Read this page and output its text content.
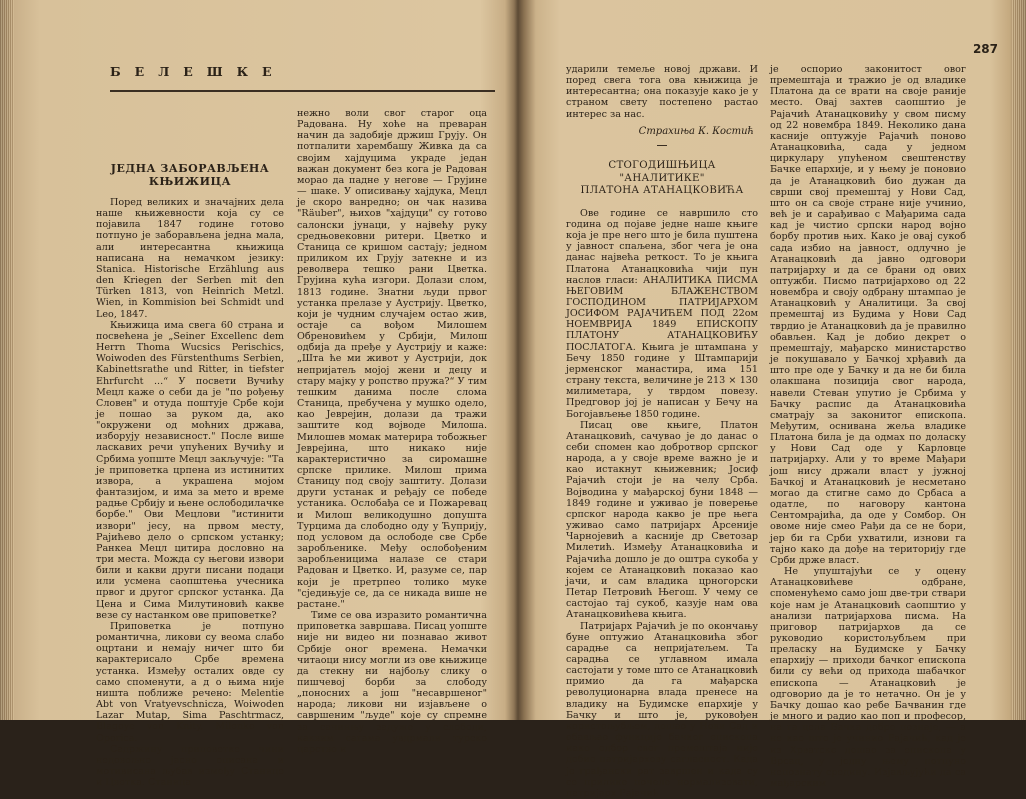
БЕЛЕШКЕ
ЈЕДНА ЗАБОРАВЉЕНА КЊИЖИЦА

Поред великих и значајних дела наше књижевности која су се појавила 1847 године готово потпуно је заборављена једна мала, али интересантна књижица написана на немачком језику: Stanica. Historische Erzählung aus den Kriegen der Serben mit den Türken 1813, von Heinrich Metzl. Wien, in Kommision bei Schmidt und Leo, 1847.

Књижица има свега 60 страна и посвећена је „Seiner Excellenc dem Herrn Thoma Wucsics Perischics, Woiwoden des Fürstenthums Serbien, Kabinettsrathe und Ritter, in tiefster Ehrfurcht ...“ У посвети Вучићу Мецл каже о себи да је "по рођењу Словен" и отуда поштује Србе који је пошао за руком да, ако "окружени од моћних држава, изборују независност." После више ласкавих речи упућених Вучићу и Србима уопште Мецл закључује: "Та је приповетка црпена из истинитих извора, а украшена мојом фантазијом, и има за мето и време радње Србију и њене ослободилачке борбе." Ови Мецлови "истинити извори" јесу, на првом месту, Рајићево дело о српском устанку; Ранкеа Мецл цитира дословно на три места. Можда су његови извори били и какви други писани подаци или усмена саопштења учесника првог и другог српског устанка. Да Цена и Сима Милутиновић какве везе су настанком ове приповетке?

Приповетка је потпуно романтична, ликови су веома слабо оцртани и немају ничег што би карактерисало Србе времена устанка. Између осталих овде су само споменути, а д о њима није ништа поближе речено: Melentie Abt von Vratyevschnicza, Woiwoden Lazar Mutap, Sima Paschtrmacz, Blagoye von Knity, Milenko von Oporica.

Садржину приповетке чини недовољно јасно описана и мотивисана љубав између Станице и Цветка. Станица

нежно воли свог старог оца Радована. Ну хоће на преваран начин да задобије држиш Грују. Он потпалити харембашу Живка да са својим хајдуцима украде један важан документ без кога је Радован морао да падне у негове — Грујине — шаке. У описивању хајдука, Мецл је скоро ванредно; он чак назива "Räuber", њихов "хајдуци" су готово салонски јунаци, у највећу руку средњовековни ритери. Цветко и Станица се кришом састају; једном приликом их Грују затекне и из револвера тешко рани Цветка. Грујина кућа изгори. Долази слом, 1813 године. Знатни људи првог устанка прелазе у Аустрију. Цветко, који је чудним случајем остао жив, остаје са вођом Милошем Обреновићем у Србији, Милош одбија да пређе у Аустрију и каже: „Шта ће ми живот у Аустрији, док непријатељ мојој жени и децу и стару мајку у ропство пружа?“ У тим тешким данима после слома Станица, пребучена у мушко одело, као Јеврејин, долази да тражи заштите код војводе Милоша. Милошев момак материра тобожњег Јеврејина, што никако није карактеристично за сиромашне српске прилике. Милош прима Станицу под своју заштиту. Долази други устанак и ређају се победе устаника. Ослобађа се и Пожаревац и Милош великодушно допушта Турцима да слободно оду у Ћуприју, под условом да ослободе све Србе заробљенике. Међу ослобођеним заробљеницима налазе се стари Радован и Цветко. И, разуме се, пар који је претрпео толико муке "сједињује се, да се никада више не растане."

Тиме се ова изразито романтична приповетка завршава. Писац уопште није ни видео ни познавао живот Србије оног времена. Немачки читаоци нису могли из ове књижице да стекну ни најбољу слику о пишчевој борби за слободу „поносних а још "несавршеног" народа; ликови ни изјављене о савршеним "људе" које су спремне за сачинњу задуже у слободи, каквим сагама увдрмали турско царство и

287

ударили темеље новој држави. И поред свега тога ова књижица је интересантна; она показује како је у страном свету постепено растао интерес за нас.

Страхиња К. Костић
СТОГОДИШЊИЦА "АНАЛИТИКЕ"
ПЛАТОНА АТАНАЦКОВИЋА

Ове године се навршило сто година од појаве једне наше књиге која је пре него што је била пуштена у јавност спаљена, због чега је она данас највећа реткост. То је књига Платона Атанацковића чији пун наслов гласи: АНАЛИТИКА ПИСМА ЊЕГОВИМ БЛАЖЕНСТВОМ ГОСПОДИНОМ ПАТРИЈАРХОМ ЈОСИФОМ РАЈАЧИЋЕМ ПОД 22ом НОЕМВРИЈА 1849 ЕПИСКОПУ ПЛАТОНУ АТАНАЦКОВИЋУ ПОСЛАТОГА. Књига је штампана у Бечу 1850 године у Штампарији јерменског манастира, има 151 страну текста, величине је 213 × 130 милиметара, у тврдом повезу. Предговор јој је написан у Бечу на Богојављење 1850 године.

Писац ове књиге, Платон Атанацковић, сачувао је до данас о себи спомен као добротвор српског народа, а у своје време важно је и као истакнут књижевник; Јосиф Рајачић стоји је на челу Срба. Војводина у мађарској буни 1848 — 1849 године и уживао је поверење српског народа какво је пре њега уживао само патријарх Арсеније Чарнојевић а касније др Светозар Милетић. Између Атанацковића и Рајачића дошло је до оштра сукоба у којем се Атанацковић показао као јачи, и сам владика црногорски Петар Петровић Његош. У чему се састојао тај сукоб, казује нам ова Атанацковићева књига.

Патријарх Рајачић је по окончању буне оптужио Атанацковића због сарадње са непријатељем. Та сарадња се углавном имала састојати у томе што се Атанацковић примио да га мађарска револуционарна влада пренесе на владику на Будимске епархије у Бачку и што је, руковођен користољубљем, дошао у Нови Сад и обављао функције бачког епископа иако одбор свог премештаја није добио патријархову сагласност. Када је грађански рат завршен и када су се прилике почеле нормализовати, патријарх Рајачић

је оспорио законитост овог премештаја и тражио је од владике Платона да се врати на своје ранијe место. Овај захтев саопштио је Рајачић Атанацковићу у свом писму од 22 новембра 1849. Неколико дана касније оптужује Рајачић поново Атанацковића, сада у једном циркулару упућеном свештенству Бачке епархије, и у њему је поновио да је Атанацковић био дужан да сврши свој премештај у Нови Сад, што он са своје стране није учинио, већ је и сарађивао с Мађарима сада кад је чистио српски народ војно борбу против њих. Како је овај сукоб сада избио на јавност, одлучно је Атанацковић да јавно одговори патријарху и да се брани од ових оптужби. Писмо патријархово од 22 новембра и своју одбрану штампао је Атанацковић у Аналитици. За свој премештај из Будима у Нови Сад тврдио је Атанацковић да је правилно обављен. Кад је добио декрет о премештају, мађарско министарство је покушавало у Бачкој хрђавић да што пре оде у Бачку и да не би била олакшана позиција свог народа, навели Стеван упутио је Србима у Бачку распис да Атанацковића сматрају за законитог епископа. Међутим, оснивана жеља владике Платона била је да одмах по доласку у Нови Сад оде у Карловце патријарху. Али у то време Мађари још нису држали власт у јужној Бачкој и Атанацковић је несметано могао да стигне само до Србаса а одатле, по наговору кантона Сентомрајића, да оде у Сомбор. Он овоме није смео Рађи да се не бори, јер би га Срби ухватили, изнови га тајно како да дође на територију где Срби држе власт.

Не упуштајући се у оцену Атанацковићеве одбране, споменућемо само још две-три ствари које нам је Атанацковић саопштио у анализи патријархова писма. На приговор патријархов да се руководио користољубљем при преласку на Будимске у Бачку епархију — приходи бачког епископа били су већи од прихода шабачког епископа — Атанацковић је одговорио да је то нетачно. Он је у Бачку дошао као ребе Бачванин где је много и радио као поп и професор, на га цела Бачка добро познаје, — а не као што је учинио Рајачић, кад је из Хрватске дошао за епископа у Врсац, у једну њему потпуно непознату средину. Изјављујући да са мађарским
